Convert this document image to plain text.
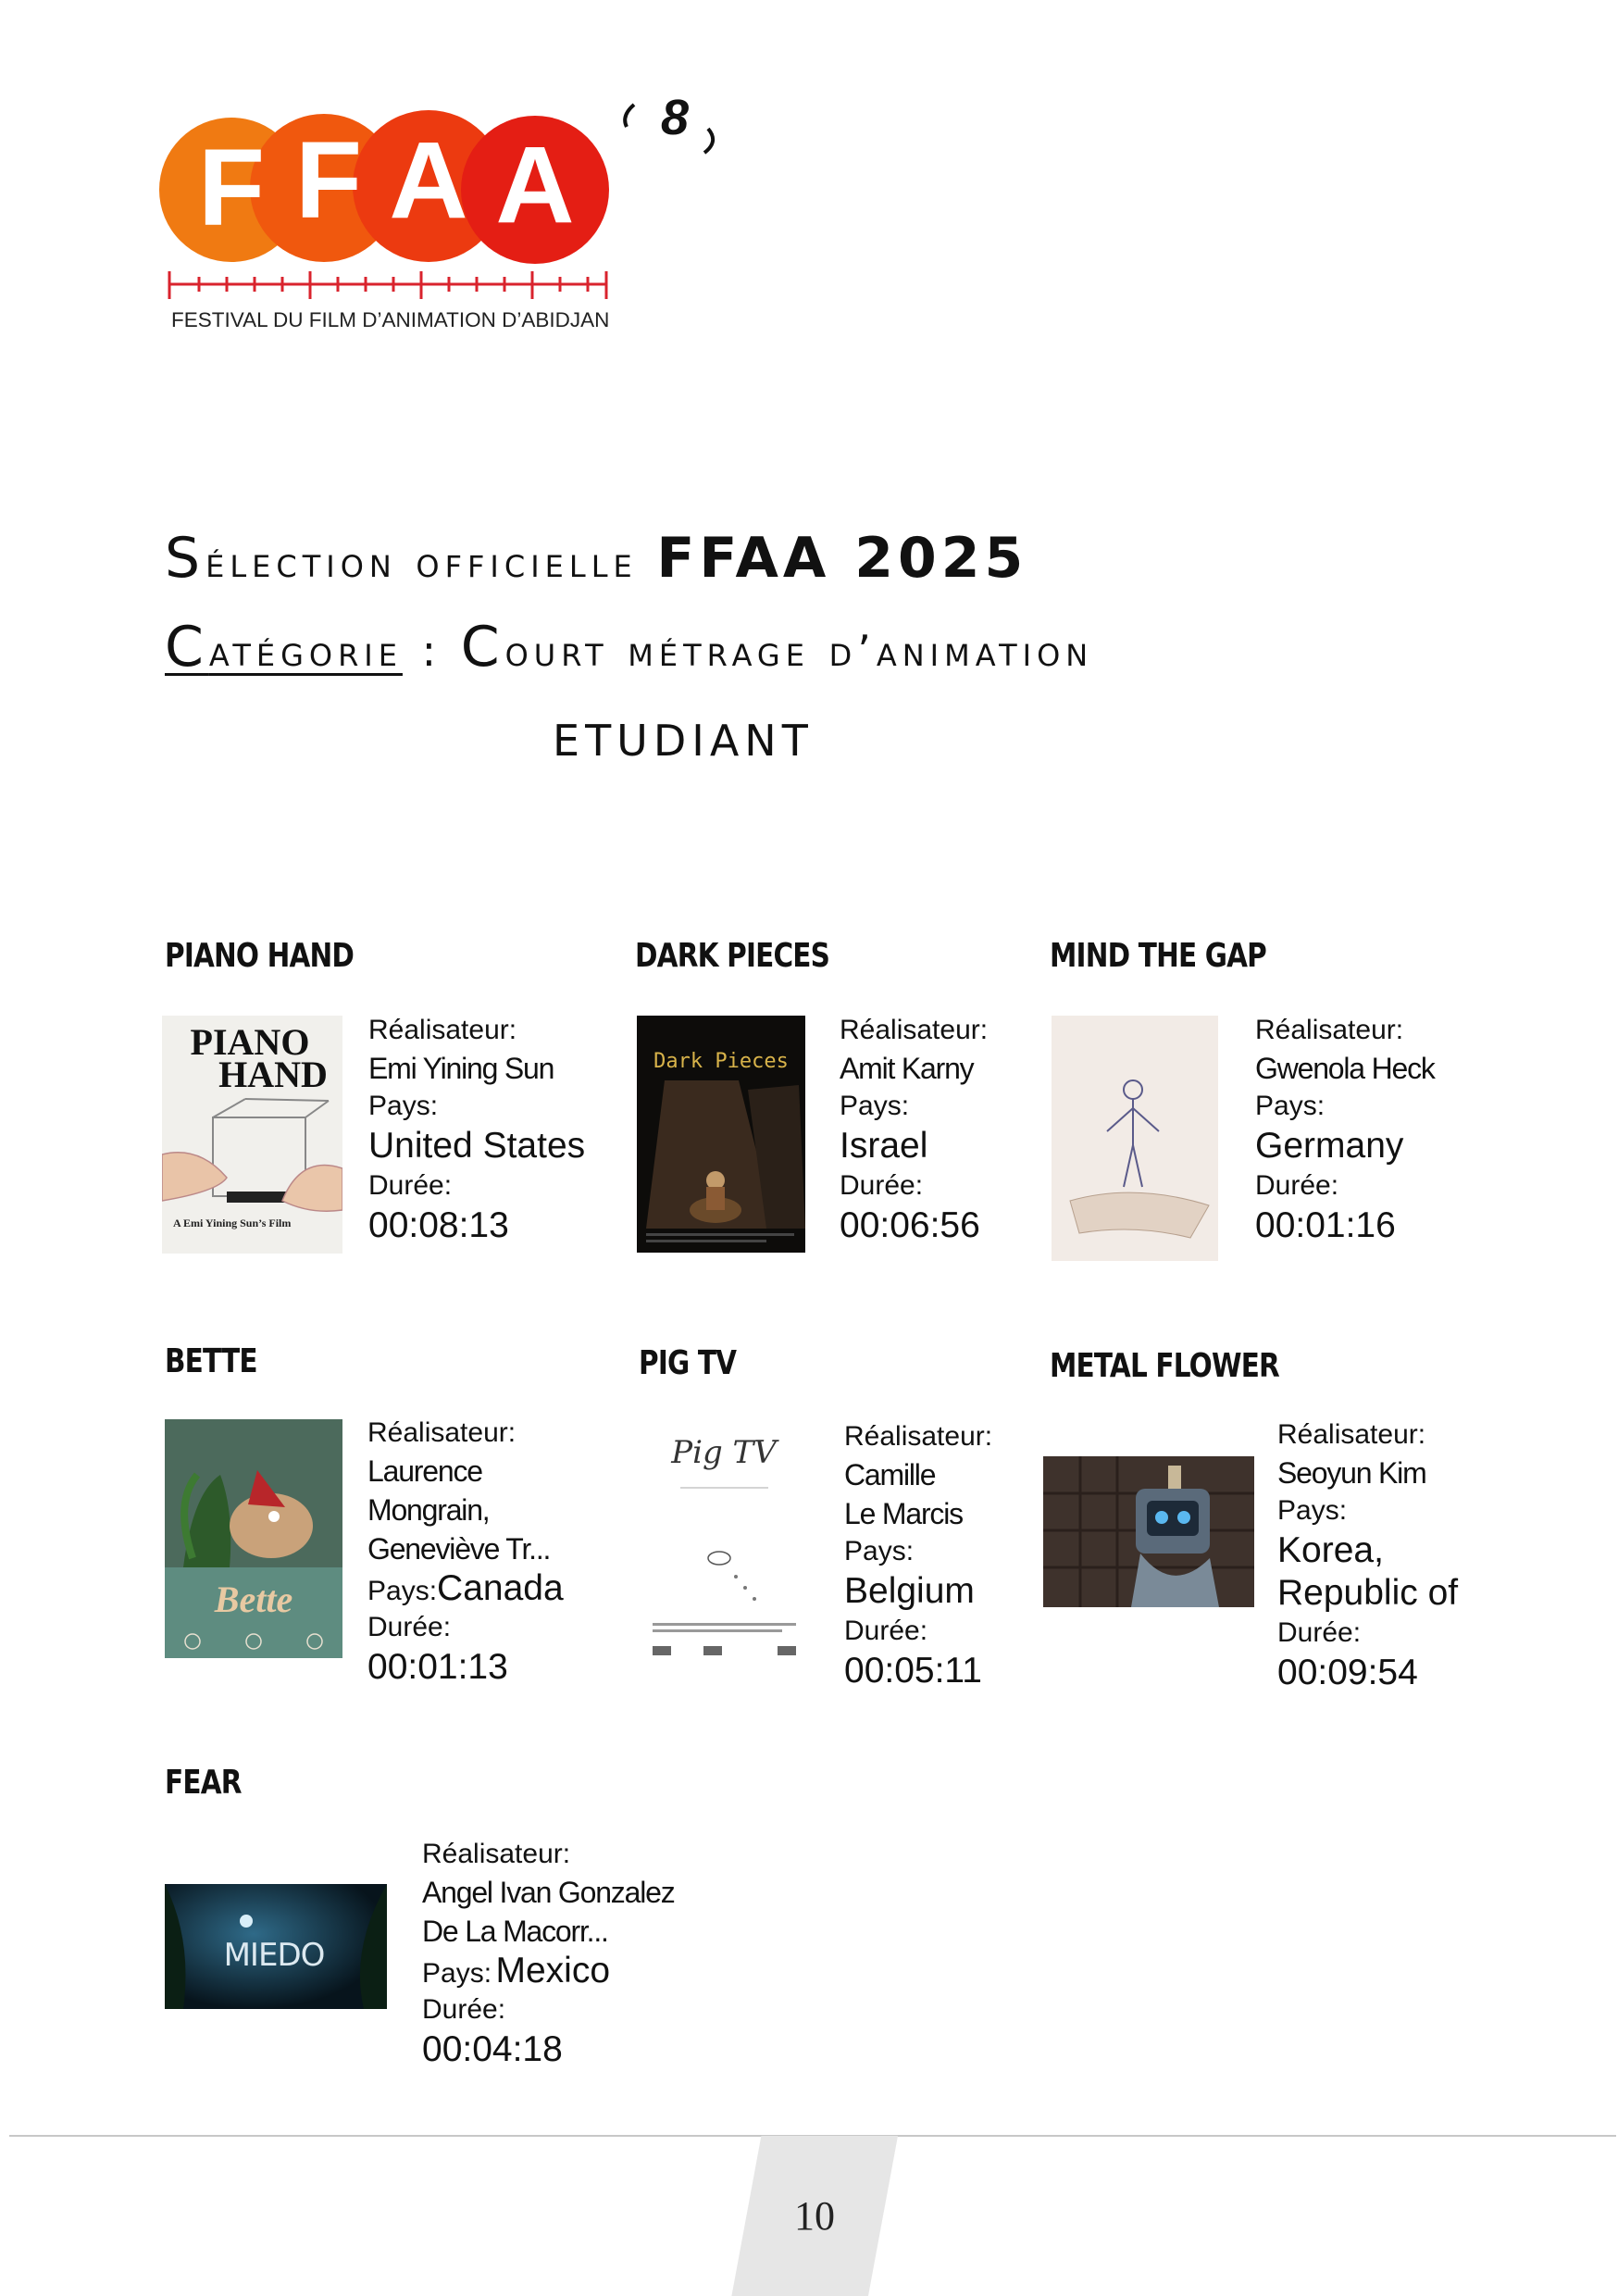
F F A A
8
FESTIVAL DU FILM D’ANIMATION D’ABIDJAN
Sélection officielle FFAA 2025
Catégorie : Court métrage d’animation
ETUDIANT
PIANO HAND
PIANO
HAND
A Emi Yining Sun’s Film
Réalisateur:
Emi Yining Sun
Pays:
United States
Durée:
00:08:13
DARK PIECES
Dark Pieces
Réalisateur:
Amit Karny
Pays:
Israel
Durée:
00:06:56
MIND THE GAP
Réalisateur:
Gwenola Heck
Pays:
Germany
Durée:
00:01:16
BETTE
Bette
Réalisateur:
Laurence
Mongrain,
Geneviève Tr...
Pays:Canada
Durée:
00:01:13
PIG TV
Pig TV Réalisateur:
Camille
Le Marcis
Pays:
Belgium
Durée:
00:05:11
METAL FLOWER
Réalisateur:
Seoyun Kim
Pays:
Korea,
Republic of
Durée:
00:09:54
FEAR
MIEDO
Réalisateur:
Angel Ivan Gonzalez
De La Macorr...
Pays: Mexico
Durée:
00:04:18
10
